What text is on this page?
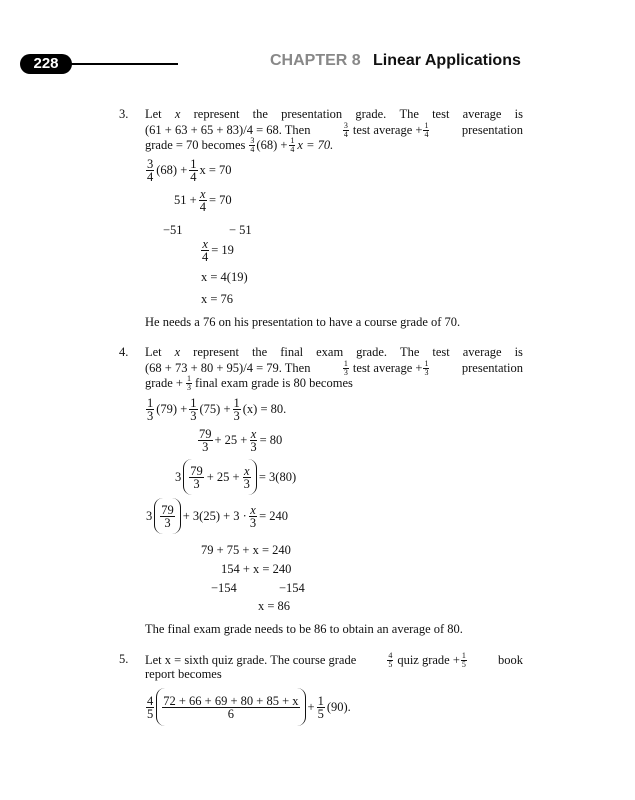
228	CHAPTER 8 Linear Applications
3. Let x represent the presentation grade. The test average is
(61 + 63 + 65 + 83)/4 = 68. Then	3
4 test average + $\frac{1}{4}$	presentation
grade = 70 becomes 3
4 $(68) + \frac{1}{4}$ x = 70.
3
4 $(68) + \frac{1}{4}$ x = 70
$51 + \frac{x}{4} = 70$
−51	− 51
$\frac{x}{4} = 19$
x = 4(19)
x = 76
He needs a 76 on his presentation to have a course grade of 70.
4. Let x represent the final exam grade. The test average is
(68 + 73 + 80 + 95)/4 = 79. Then	1
3 test average + $\frac{1}{3}$	presentation
grade + $\frac{1}{3}$ final exam grade is 80 becomes
1
3 $(79) + \frac{1}{3} (75) + \frac{1}{3} (x) = 80$.
79
$3 + 25 + \frac{x}{3} = 80$
3 79
$3 + 25 + \frac{x}{3} = 3(80)$
3 79
$3 + 3(25) + 3 \cdot \frac{x}{3} = 240$
79 + 75 + x = 240
154 + x = 240
−154	−154
x = 86
The final exam grade needs to be 86 to obtain an average of 80.
5. Let x = sixth quiz grade. The course grade	4
5 quiz grade + $\frac{1}{5}$ book
report becomes
4
5
72 + 66 + 69 + 80 + 85 + x
6	+ $\frac{1}{5} (90)$.
